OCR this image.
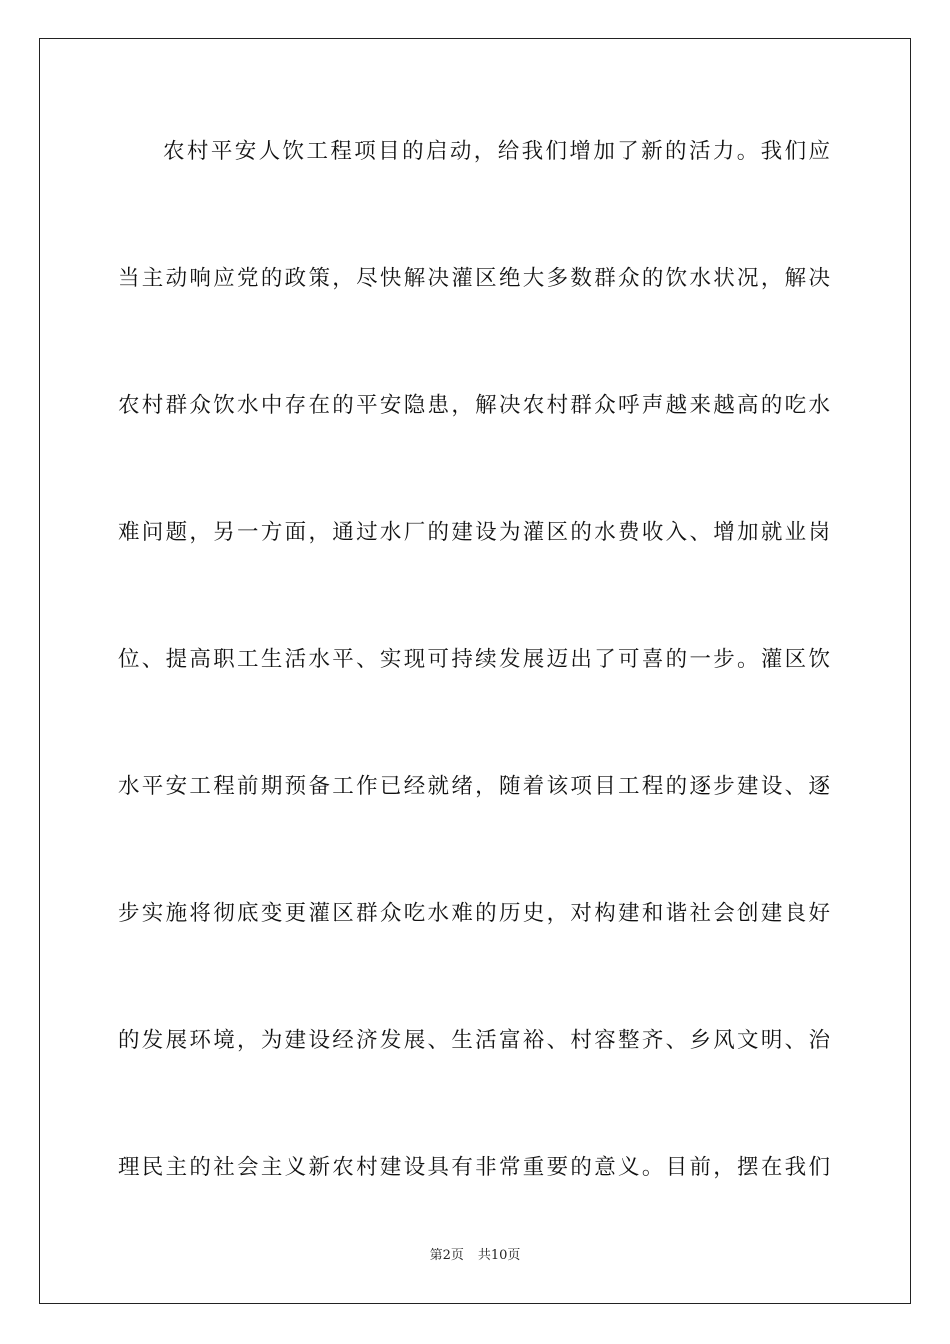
农村平安人饮工程项目的启动，给我们增加了新的活力。我们应
当主动响应党的政策，尽快解决灌区绝大多数群众的饮水状况，解决
农村群众饮水中存在的平安隐患，解决农村群众呼声越来越高的吃水
难问题，另一方面，通过水厂的建设为灌区的水费收入、增加就业岗
位、提高职工生活水平、实现可持续发展迈出了可喜的一步。灌区饮
水平安工程前期预备工作已经就绪，随着该项目工程的逐步建设、逐
步实施将彻底变更灌区群众吃水难的历史，对构建和谐社会创建良好
的发展环境，为建设经济发展、生活富裕、村容整齐、乡风文明、治
理民主的社会主义新农村建设具有非常重要的意义。目前，摆在我们
第2页 共10页
